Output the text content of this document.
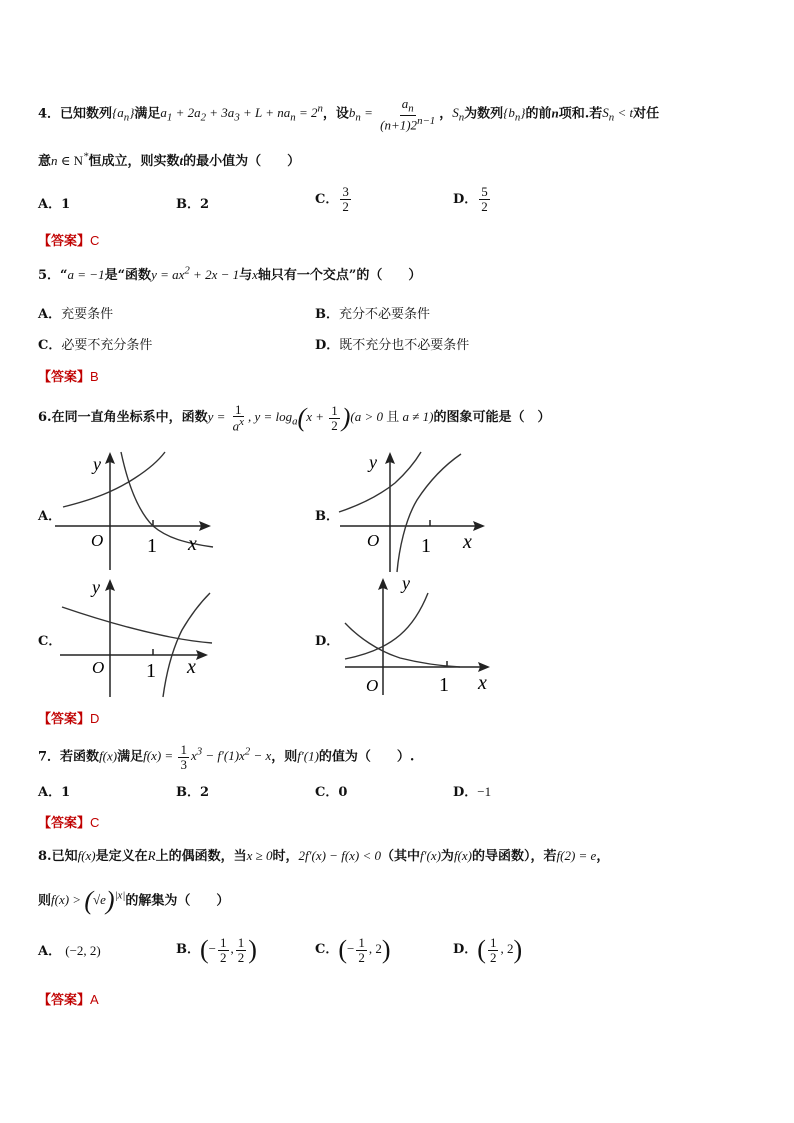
4．已知数列$\{a_n\}$满足$a_1 + 2a_2 + 3a_3 + L + na_n = 2^n$，设$b_n = \frac{a_n}{(n+1)2^{n-1}}$ ，$S_n$为数列$\{b_n\}$的前n项和.若$S_n < t$对任
意n ∈ N*恒成立，则实数t的最小值为（　　）
A．1	B．2	C． $\frac{3}{2}$	D． $\frac{5}{2}$
【答案】C
5．“a = −1是“函数$y = ax^2 + 2x - 1$与x轴只有一个交点”的（　　）
A．充要条件	B．充分不必要条件
C．必要不充分条件	D．既不充分也不必要条件
【答案】B
6.在同一直角坐标系中，函数$y = \frac{1}{a^x}$ , $y = \log_a(x + \frac{1}{2} )(a > 0$ 且 a ≠ 1)的图象可能是（　）
A．	B．
C．	D．
O 1 x
y
O 1 x
y
O 1 x
y
O	1 x
y
【答案】D
7．若函数f(x)满足$f(x) = \frac{1}{3} x^3 - f'(1)x^2 - x$，则f′(1)的值为（　　）.
A．1	B．2	C．0	D．−1
【答案】C
8.已知f(x)是定义在R上的偶函数，当x ≥ 0时，2f′(x) − f(x) < 0（其中f′(x)为f(x)的导函数），若f(2) = e，
则$f(x) > (√e)^{|x|}$的解集为（　　）
A． (−2, 2)	B．(− $\frac{1}{2}$ , $\frac{1}{2}$ )	C．(− $\frac{1}{2}$ , 2)	D．( $\frac{1}{2}$ , 2)
【答案】A
